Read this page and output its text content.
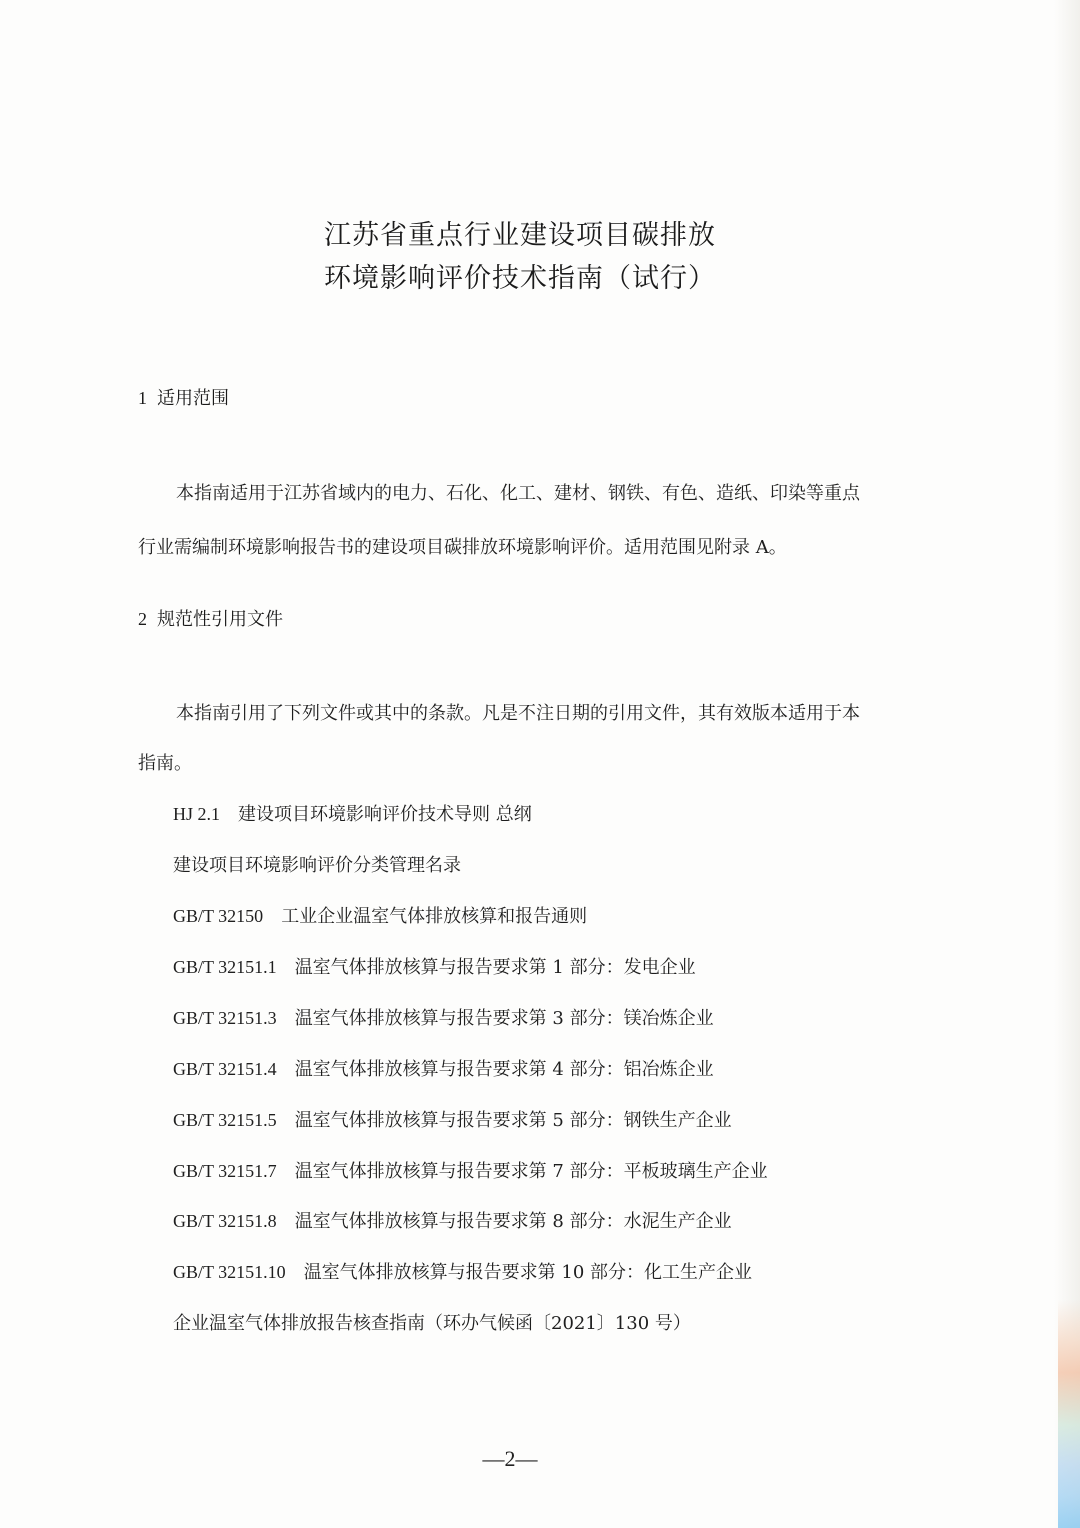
江苏省重点行业建设项目碳排放
环境影响评价技术指南（试行）
1 适用范围
本指南适用于江苏省域内的电力、石化、化工、建材、钢铁、有色、造纸、印染等重点
行业需编制环境影响报告书的建设项目碳排放环境影响评价。适用范围见附录 A。
2 规范性引用文件
本指南引用了下列文件或其中的条款。凡是不注日期的引用文件，其有效版本适用于本
指南。
HJ 2.1 建设项目环境影响评价技术导则 总纲
建设项目环境影响评价分类管理名录
GB/T 32150 工业企业温室气体排放核算和报告通则
GB/T 32151.1 温室气体排放核算与报告要求第 1 部分：发电企业
GB/T 32151.3 温室气体排放核算与报告要求第 3 部分：镁冶炼企业
GB/T 32151.4 温室气体排放核算与报告要求第 4 部分：铝冶炼企业
GB/T 32151.5 温室气体排放核算与报告要求第 5 部分：钢铁生产企业
GB/T 32151.7 温室气体排放核算与报告要求第 7 部分：平板玻璃生产企业
GB/T 32151.8 温室气体排放核算与报告要求第 8 部分：水泥生产企业
GB/T 32151.10 温室气体排放核算与报告要求第 10 部分：化工生产企业
企业温室气体排放报告核查指南（环办气候函〔2021〕130 号）
—2—
